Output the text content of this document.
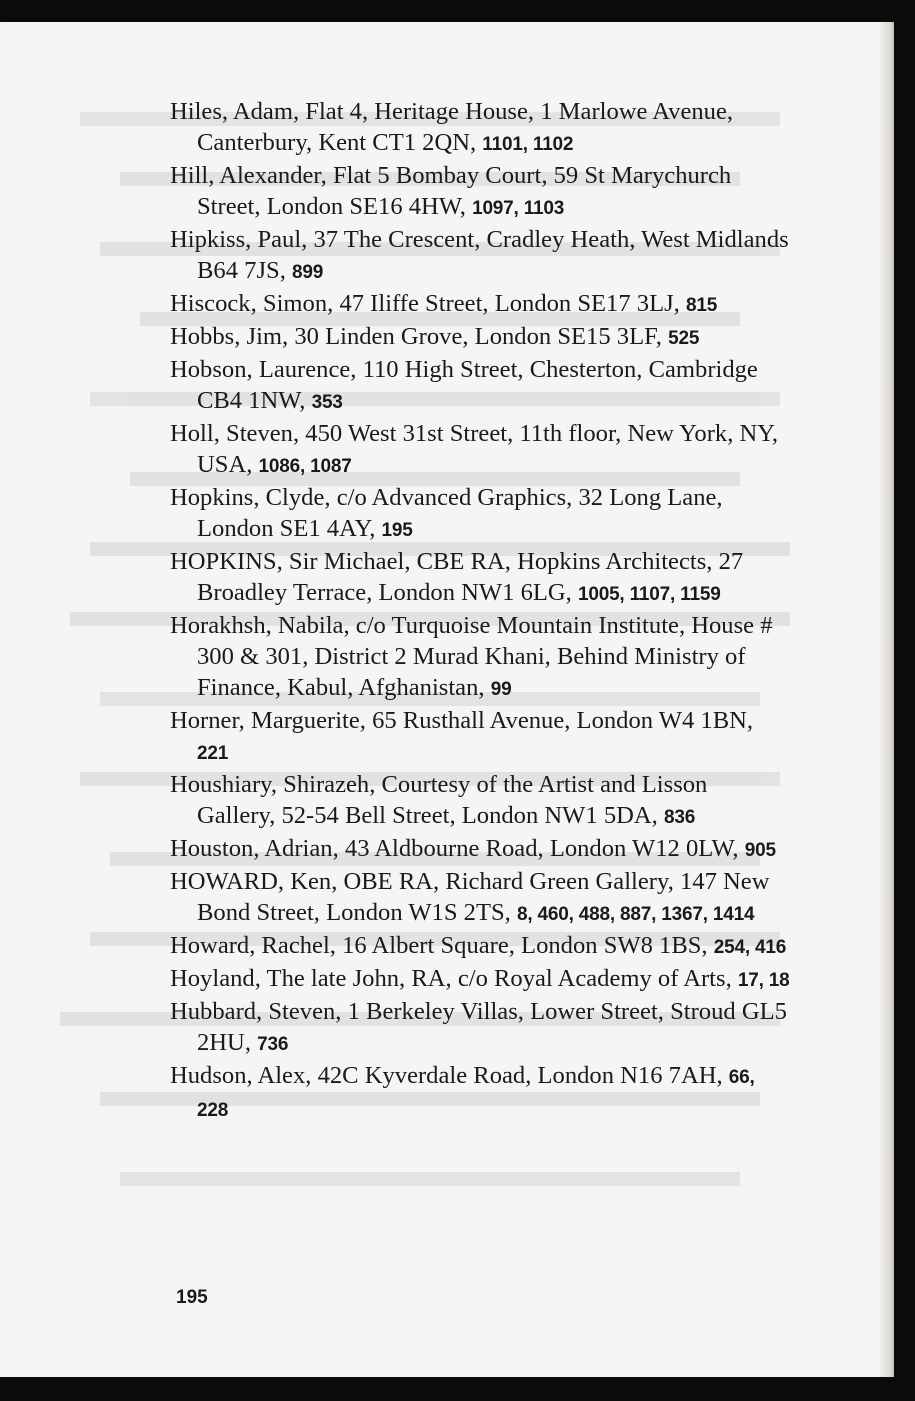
Hiles, Adam, Flat 4, Heritage House, 1 Marlowe Avenue, Canterbury, Kent CT1 2QN, 1101, 1102

Hill, Alexander, Flat 5 Bombay Court, 59 St Marychurch Street, London SE16 4HW, 1097, 1103

Hipkiss, Paul, 37 The Crescent, Cradley Heath, West Midlands B64 7JS, 899

Hiscock, Simon, 47 Iliffe Street, London SE17 3LJ, 815

Hobbs, Jim, 30 Linden Grove, London SE15 3LF, 525

Hobson, Laurence, 110 High Street, Chesterton, Cambridge CB4 1NW, 353

Holl, Steven, 450 West 31st Street, 11th floor, New York, NY, USA, 1086, 1087

Hopkins, Clyde, c/o Advanced Graphics, 32 Long Lane, London SE1 4AY, 195

HOPKINS, Sir Michael, CBE RA, Hopkins Architects, 27 Broadley Terrace, London NW1 6LG, 1005, 1107, 1159

Horakhsh, Nabila, c/o Turquoise Mountain Institute, House # 300 & 301, District 2 Murad Khani, Behind Ministry of Finance, Kabul, Afghanistan, 99

Horner, Marguerite, 65 Rusthall Avenue, London W4 1BN, 221

Houshiary, Shirazeh, Courtesy of the Artist and Lisson Gallery, 52-54 Bell Street, London NW1 5DA, 836

Houston, Adrian, 43 Aldbourne Road, London W12 0LW, 905

HOWARD, Ken, OBE RA, Richard Green Gallery, 147 New Bond Street, London W1S 2TS, 8, 460, 488, 887, 1367, 1414

Howard, Rachel, 16 Albert Square, London SW8 1BS, 254, 416

Hoyland, The late John, RA, c/o Royal Academy of Arts, 17, 18

Hubbard, Steven, 1 Berkeley Villas, Lower Street, Stroud GL5 2HU, 736

Hudson, Alex, 42C Kyverdale Road, London N16 7AH, 66, 228

195
